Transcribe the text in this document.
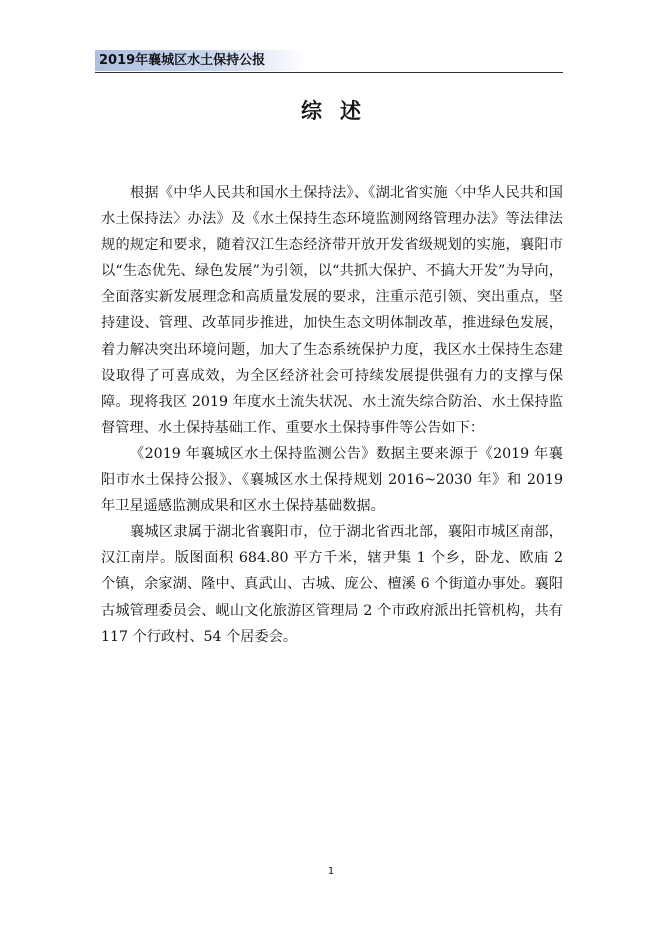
2019年襄城区水土保持公报
综述

根据《中华人民共和国水土保持法》、《湖北省实施〈中华人民共和国水土保持法〉办法》及《水土保持生态环境监测网络管理办法》等法律法规的规定和要求，随着汉江生态经济带开放开发省级规划的实施，襄阳市以“生态优先、绿色发展”为引领，以“共抓大保护、不搞大开发”为导向，全面落实新发展理念和高质量发展的要求，注重示范引领、突出重点，坚持建设、管理、改革同步推进，加快生态文明体制改革，推进绿色发展，着力解决突出环境问题，加大了生态系统保护力度，我区水土保持生态建设取得了可喜成效，为全区经济社会可持续发展提供强有力的支撑与保障。现将我区 2019 年度水土流失状况、水土流失综合防治、水土保持监督管理、水土保持基础工作、重要水土保持事件等公告如下：

《2019 年襄城区水土保持监测公告》数据主要来源于《2019 年襄阳市水土保持公报》、《襄城区水土保持规划 2016~2030 年》和 2019 年卫星遥感监测成果和区水土保持基础数据。

襄城区隶属于湖北省襄阳市，位于湖北省西北部，襄阳市城区南部，汉江南岸。版图面积 684.80 平方千米，辖尹集 1 个乡，卧龙、欧庙 2 个镇，余家湖、隆中、真武山、古城、庞公、檀溪 6 个街道办事处。襄阳古城管理委员会、岘山文化旅游区管理局 2 个市政府派出托管机构，共有 117 个行政村、54 个居委会。

1
